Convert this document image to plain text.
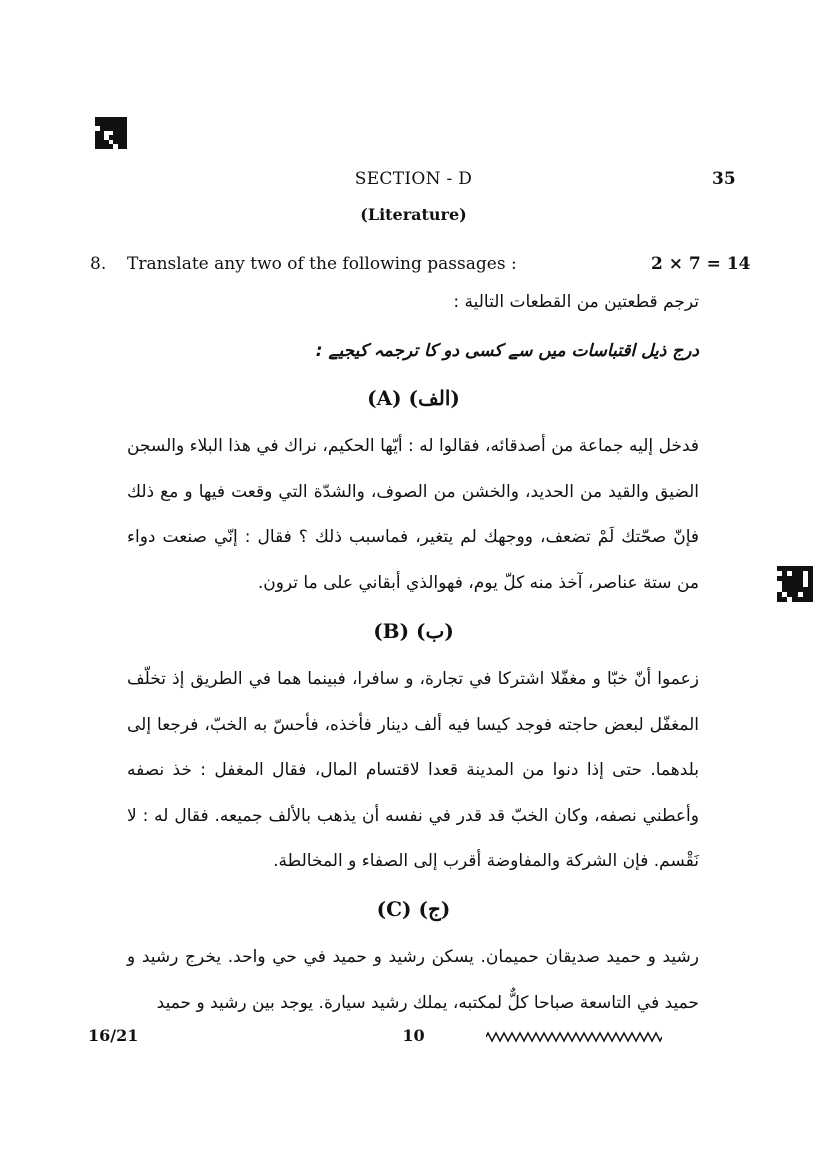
SECTION - D	35
(Literature)
8. Translate any two of the following passages :	2 × 7 = 14
ترجم قطعتين من القطعات التالية :
درج ذیل اقتباسات میں سے کسی دو کا ترجمہ کیجیے :
(A) (الف)
فدخل إليه جماعة من أصدقائه، فقالوا له : أيّها الحكيم، نراك في هذا البلاء والسجن الضيق والقيد من الحديد، والخشن من الصوف، والشدّة التي وقعت فيها و مع ذلك فإنّ صحّتك لَمْ تضعف، ووجهك لم يتغير، فماسبب ذلك ؟ فقال : إنّي صنعت دواء من ستة عناصر، آخذ منه كلّ يوم، فهوالذي أبقاني على ما ترون.
(B) (ب)
زعموا أنّ خبّا و مغفّلا اشتركا في تجارة، و سافرا، فبينما هما في الطريق إذ تخلّف المغفّل لبعض حاجته فوجد كيسا فيه ألف دينار فأخذه، فأحسّ به الخبّ، فرجعا إلى بلدهما. حتى إذا دنوا من المدينة قعدا لاقتسام المال، فقال المغفل : خذ نصفه وأعطني نصفه، وكان الخبّ قد قدر في نفسه أن يذهب بالألف جميعه. فقال له : لا نَقْسم. فإن الشركة والمفاوضة أقرب إلى الصفاء و المخالطة.
(C) (ج)
رشيد و حميد صديقان حميمان. يسكن رشيد و حميد في حي واحد. يخرج رشيد و حميد في التاسعة صباحا كلٌّ لمكتبه، يملك رشيد سيارة. يوجد بين رشيد و حميد
16/21	10
